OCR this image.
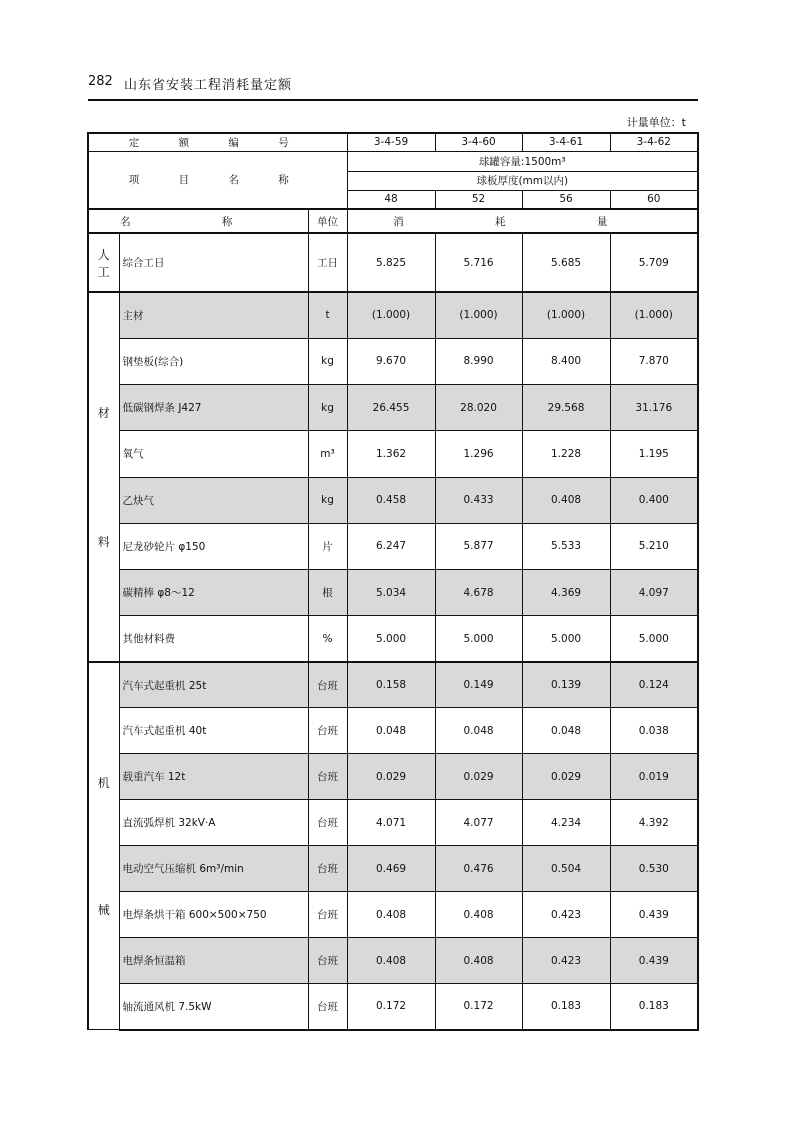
282 山东省安装工程消耗量定额
计量单位：t
定 额 编 号			3-4-59	3-4-60	3-4-61	3-4-62
项 目 名 称			球罐容量:1500m³			
			球板厚度(mm以内)			
			48	52	56	60
名 称		单位	消 耗 量			

人
工	综合工日	工日	5.825	5.716	5.685	5.709

材
料	主材	t	(1.000)	(1.000)	(1.000)	(1.000)
	钢垫板(综合)	kg	9.670	8.990	8.400	7.870
	低碳钢焊条 J427	kg	26.455	28.020	29.568	31.176
	氧气	m³	1.362	1.296	1.228	1.195
	乙炔气	kg	0.458	0.433	0.408	0.400
	尼龙砂轮片 φ150	片	6.247	5.877	5.533	5.210
	碳精棒 φ8～12	根	5.034	4.678	4.369	4.097
	其他材料费	%	5.000	5.000	5.000	5.000

机
械	汽车式起重机 25t	台班	0.158	0.149	0.139	0.124
	汽车式起重机 40t	台班	0.048	0.048	0.048	0.038
	载重汽车 12t	台班	0.029	0.029	0.029	0.019
	直流弧焊机 32kV·A	台班	4.071	4.077	4.234	4.392
	电动空气压缩机 6m³/min	台班	0.469	0.476	0.504	0.530
	电焊条烘干箱 600×500×750	台班	0.408	0.408	0.423	0.439
	电焊条恒温箱	台班	0.408	0.408	0.423	0.439
	轴流通风机 7.5kW	台班	0.172	0.172	0.183	0.183
